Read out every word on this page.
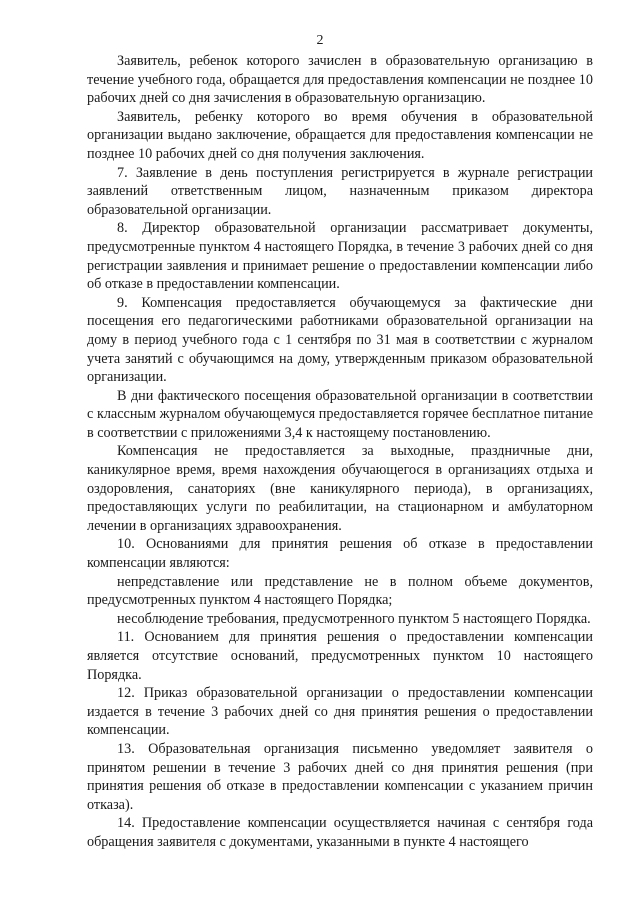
2

Заявитель, ребенок которого зачислен в образовательную организацию в течение учебного года, обращается для предоставления компенсации не позднее 10 рабочих дней со дня зачисления в образовательную организацию.

Заявитель, ребенку которого во время обучения в образовательной организации выдано заключение, обращается для предоставления компенсации не позднее 10 рабочих дней со дня получения заключения.

7. Заявление в день поступления регистрируется в журнале регистрации заявлений ответственным лицом, назначенным приказом директора образовательной организации.

8. Директор образовательной организации рассматривает документы, предусмотренные пунктом 4 настоящего Порядка, в течение 3 рабочих дней со дня регистрации заявления и принимает решение о предоставлении компенсации либо об отказе в предоставлении компенсации.

9. Компенсация предоставляется обучающемуся за фактические дни посещения его педагогическими работниками образовательной организации на дому в период учебного года с 1 сентября по 31 мая в соответствии с журналом учета занятий с обучающимся на дому, утвержденным приказом образовательной организации.

В дни фактического посещения образовательной организации в соответствии с классным журналом обучающемуся предоставляется горячее бесплатное питание в соответствии с приложениями 3,4 к настоящему постановлению.

Компенсация не предоставляется за выходные, праздничные дни, каникулярное время, время нахождения обучающегося в организациях отдыха и оздоровления, санаториях (вне каникулярного периода), в организациях, предоставляющих услуги по реабилитации, на стационарном и амбулаторном лечении в организациях здравоохранения.

10. Основаниями для принятия решения об отказе в предоставлении компенсации являются:

непредставление или представление не в полном объеме документов, предусмотренных пунктом 4 настоящего Порядка;

несоблюдение требования, предусмотренного пунктом 5 настоящего Порядка.

11. Основанием для принятия решения о предоставлении компенсации является отсутствие оснований, предусмотренных пунктом 10 настоящего Порядка.

12. Приказ образовательной организации о предоставлении компенсации издается в течение 3 рабочих дней со дня принятия решения о предоставлении компенсации.

13. Образовательная организация письменно уведомляет заявителя о принятом решении в течение 3 рабочих дней со дня принятия решения (при принятия решения об отказе в предоставлении компенсации с указанием причин отказа).

14. Предоставление компенсации осуществляется начиная с сентября года обращения заявителя с документами, указанными в пункте 4 настоящего
